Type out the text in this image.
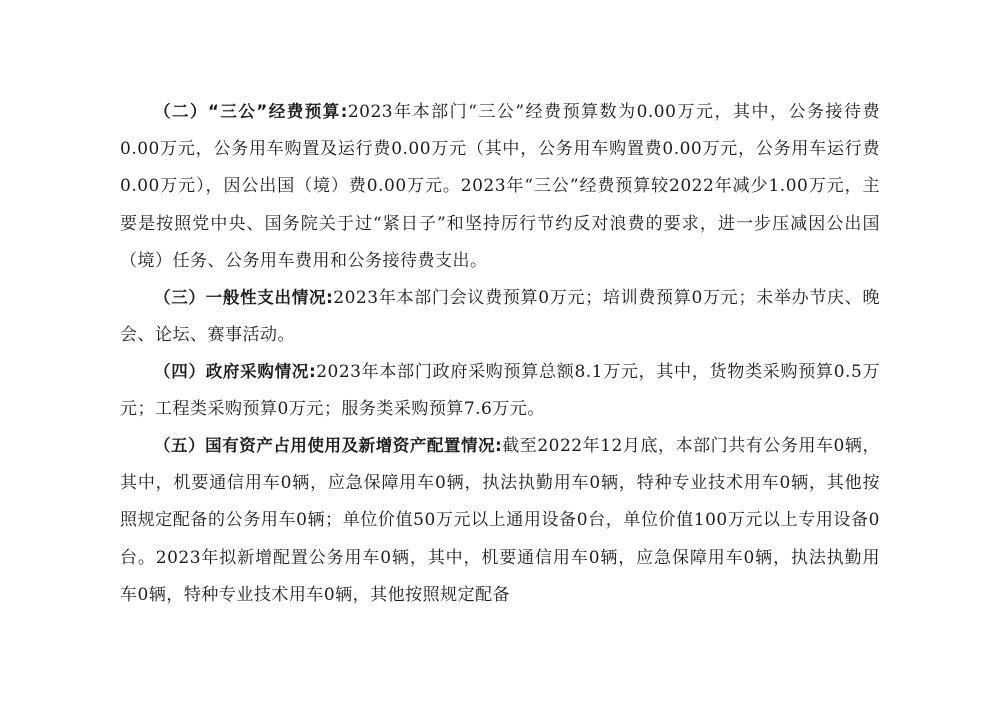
（二）“三公”经费预算:2023年本部门“三公”经费预算数为0.00万元，其中，公务接待费0.00万元，公务用车购置及运行费0.00万元（其中，公务用车购置费0.00万元，公务用车运行费0.00万元），因公出国（境）费0.00万元。2023年“三公”经费预算较2022年减少1.00万元，主要是按照党中央、国务院关于过“紧日子”和坚持厉行节约反对浪费的要求，进一步压减因公出国（境）任务、公务用车费用和公务接待费支出。

（三）一般性支出情况:2023年本部门会议费预算0万元；培训费预算0万元；未举办节庆、晚会、论坛、赛事活动。

（四）政府采购情况:2023年本部门政府采购预算总额8.1万元，其中，货物类采购预算0.5万元；工程类采购预算0万元；服务类采购预算7.6万元。

（五）国有资产占用使用及新增资产配置情况:截至2022年12月底，本部门共有公务用车0辆，其中，机要通信用车0辆，应急保障用车0辆，执法执勤用车0辆，特种专业技术用车0辆，其他按照规定配备的公务用车0辆；单位价值50万元以上通用设备0台，单位价值100万元以上专用设备0台。2023年拟新增配置公务用车0辆，其中，机要通信用车0辆，应急保障用车0辆，执法执勤用车0辆，特种专业技术用车0辆，其他按照规定配备
